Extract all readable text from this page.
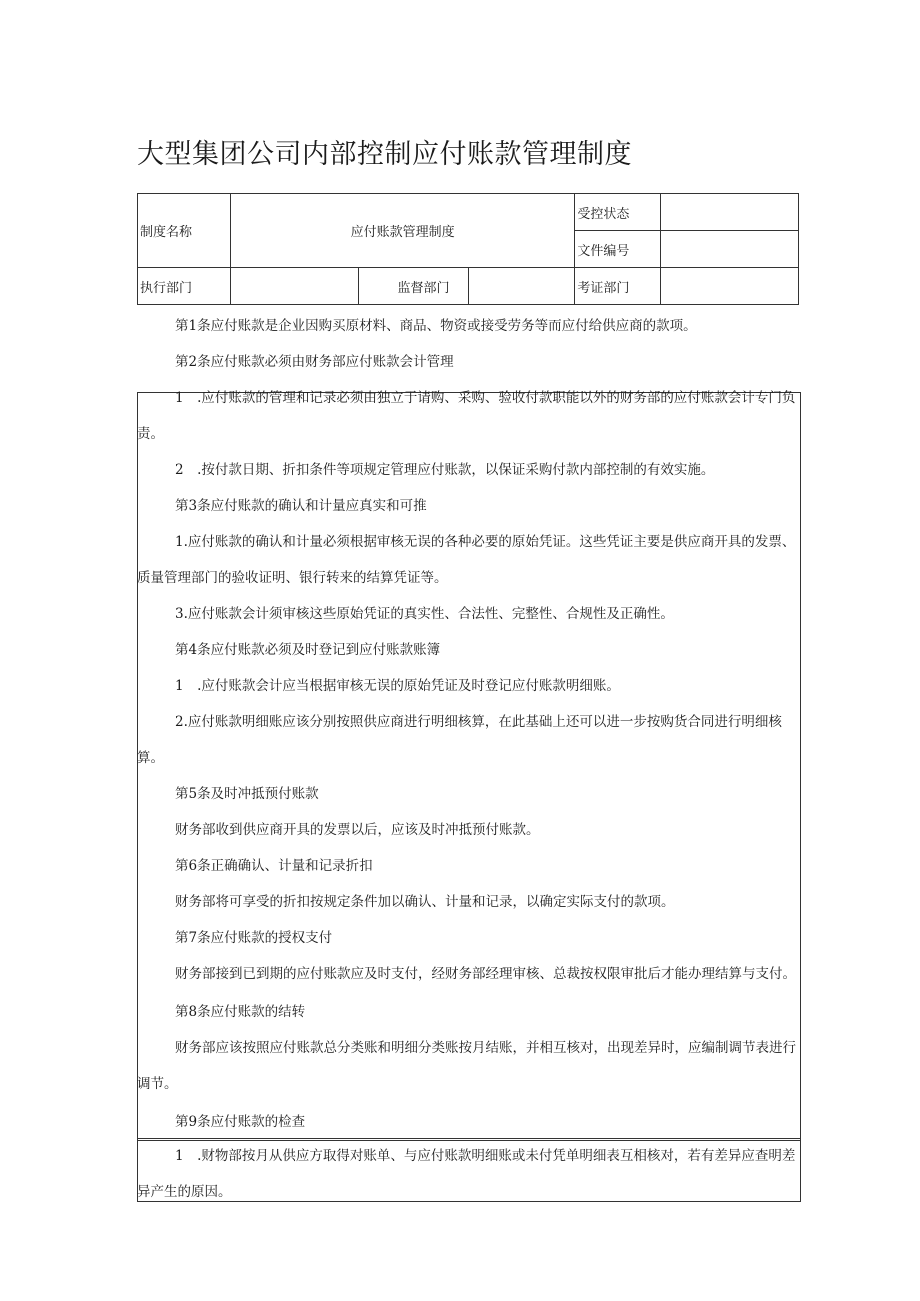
大型集团公司内部控制应付账款管理制度
制度名称	应付账款管理制度			受控状态	
				文件编号	
执行部门		监督部门		考证部门	

第1条应付账款是企业因购买原材料、商品、物资或接受劳务等而应付给供应商的款项。

第2条应付账款必须由财务部应付账款会计管理

1　.应付账款的管理和记录必须由独立于请购、采购、验收付款职能以外的财务部的应付账款会计专门负责。

2　.按付款日期、折扣条件等项规定管理应付账款，以保证采购付款内部控制的有效实施。

第3条应付账款的确认和计量应真实和可推

1.应付账款的确认和计量必须根据审核无误的各种必要的原始凭证。这些凭证主要是供应商开具的发票、质量管理部门的验收证明、银行转来的结算凭证等。

3.应付账款会计须审核这些原始凭证的真实性、合法性、完整性、合规性及正确性。

第4条应付账款必须及时登记到应付账款账簿

1　.应付账款会计应当根据审核无误的原始凭证及时登记应付账款明细账。

2.应付账款明细账应该分别按照供应商进行明细核算，在此基础上还可以进一步按购货合同进行明细核算。

第5条及时冲抵预付账款

财务部收到供应商开具的发票以后，应该及时冲抵预付账款。

第6条正确确认、计量和记录折扣

财务部将可享受的折扣按规定条件加以确认、计量和记录，以确定实际支付的款项。

第7条应付账款的授权支付

财务部接到已到期的应付账款应及时支付，经财务部经理审核、总裁按权限审批后才能办理结算与支付。

第8条应付账款的结转

财务部应该按照应付账款总分类账和明细分类账按月结账，并相互核对，出现差异时，应编制调节表进行调节。

第9条应付账款的检查

1　.财物部按月从供应方取得对账单、与应付账款明细账或未付凭单明细表互相核对，若有差异应查明差异产生的原因。
